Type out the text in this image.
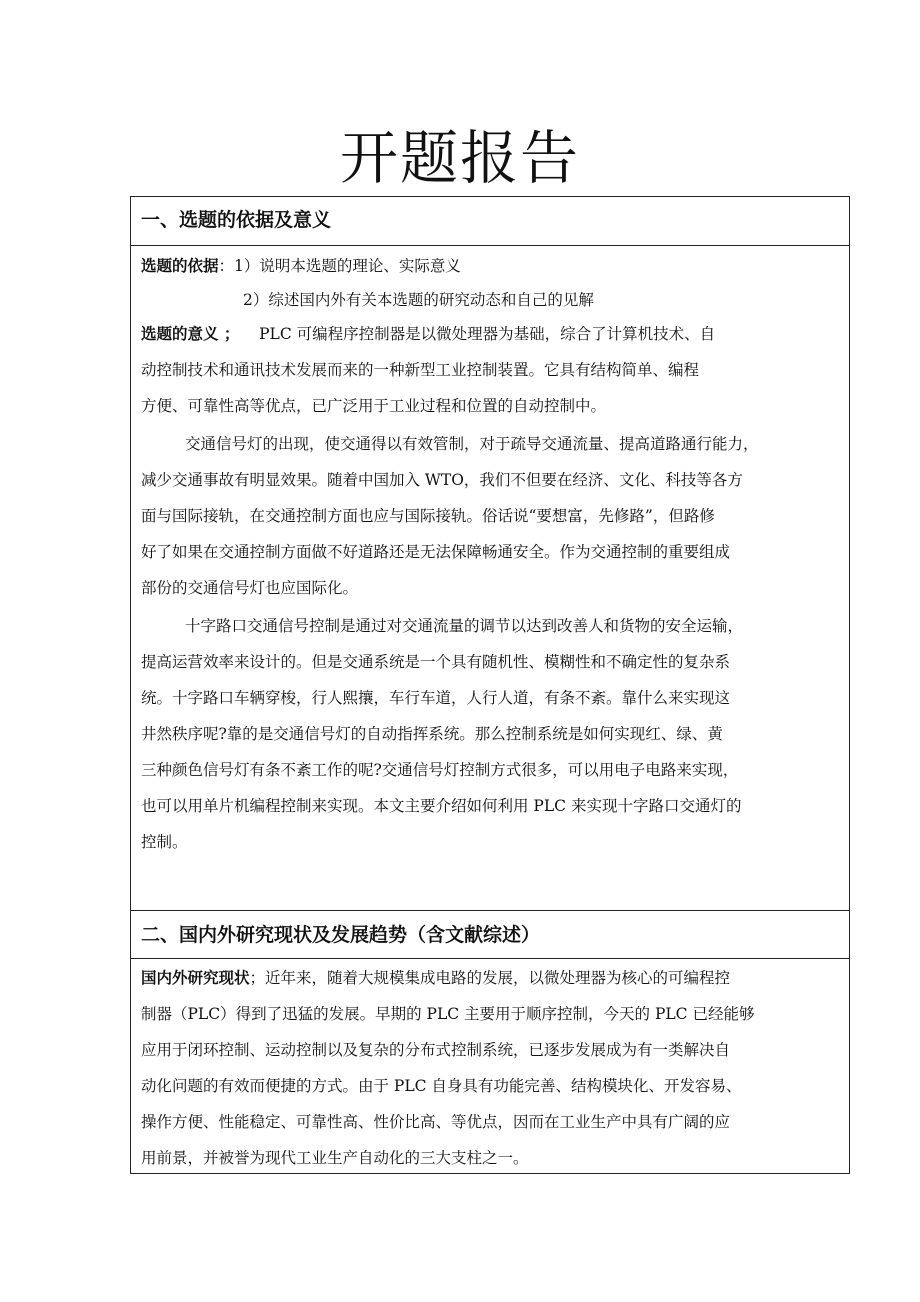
开题报告
一、选题的依据及意义
选题的依据：1）说明本选题的理论、实际意义
2）综述国内外有关本选题的研究动态和自己的见解
选题的意义 ； PLC 可编程序控制器是以微处理器为基础，综合了计算机技术、自
动控制技术和通讯技术发展而来的一种新型工业控制装置。它具有结构简单、编程
方便、可靠性高等优点，已广泛用于工业过程和位置的自动控制中。
交通信号灯的出现，使交通得以有效管制，对于疏导交通流量、提高道路通行能力，
减少交通事故有明显效果。随着中国加入 WTO，我们不但要在经济、文化、科技等各方
面与国际接轨，在交通控制方面也应与国际接轨。俗话说“要想富，先修路”，但路修
好了如果在交通控制方面做不好道路还是无法保障畅通安全。作为交通控制的重要组成
部份的交通信号灯也应国际化。
十字路口交通信号控制是通过对交通流量的调节以达到改善人和货物的安全运输，
提高运营效率来设计的。但是交通系统是一个具有随机性、模糊性和不确定性的复杂系
统。十字路口车辆穿梭，行人熙攘，车行车道，人行人道，有条不紊。靠什么来实现这
井然秩序呢?靠的是交通信号灯的自动指挥系统。那么控制系统是如何实现红、绿、黄
三种颜色信号灯有条不紊工作的呢?交通信号灯控制方式很多，可以用电子电路来实现，
也可以用单片机编程控制来实现。本文主要介绍如何利用 PLC 来实现十字路口交通灯的
控制。
二、国内外研究现状及发展趋势（含文献综述）
国内外研究现状；近年来，随着大规模集成电路的发展，以微处理器为核心的可编程控
制器（PLC）得到了迅猛的发展。早期的 PLC 主要用于顺序控制，今天的 PLC 已经能够
应用于闭环控制、运动控制以及复杂的分布式控制系统，已逐步发展成为有一类解决自
动化问题的有效而便捷的方式。由于 PLC 自身具有功能完善、结构模块化、开发容易、
操作方便、性能稳定、可靠性高、性价比高、等优点，因而在工业生产中具有广阔的应
用前景，并被誉为现代工业生产自动化的三大支柱之一。
